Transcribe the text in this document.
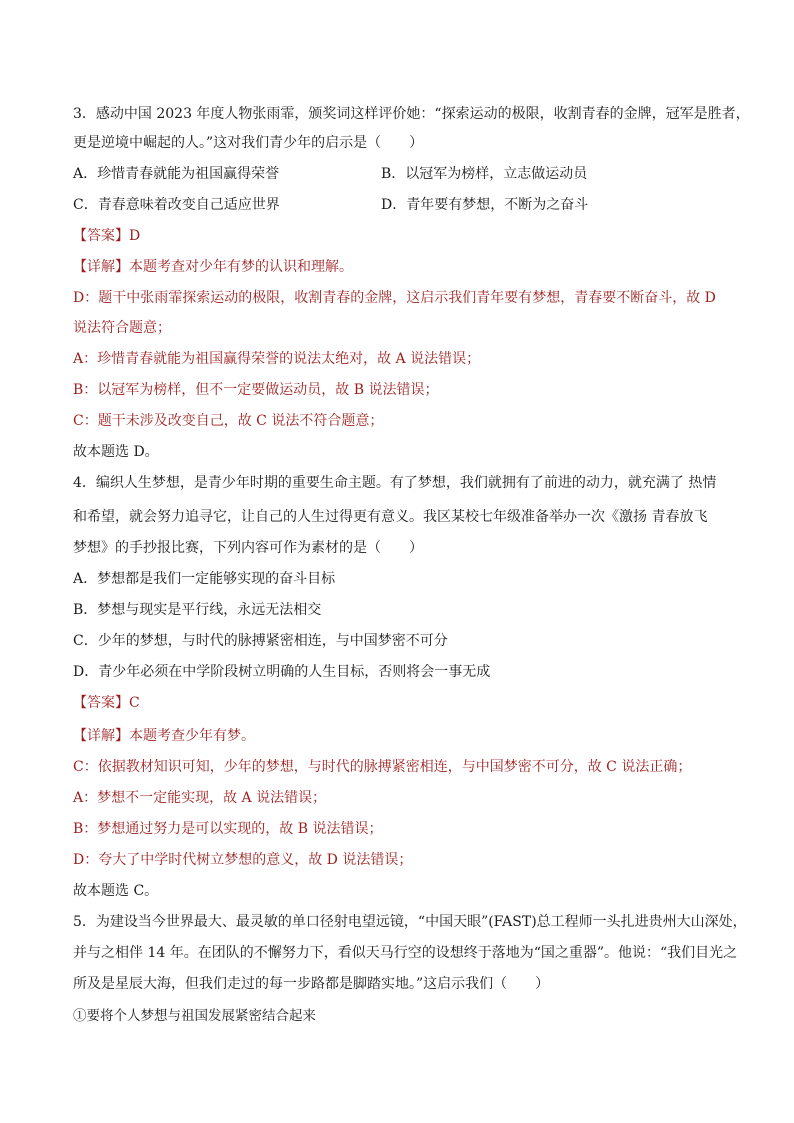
3．感动中国 2023 年度人物张雨霏，颁奖词这样评价她：“探索运动的极限，收割青春的金牌，冠军是胜者，
更是逆境中崛起的人。”这对我们青少年的启示是（　　）
A．珍惜青春就能为祖国赢得荣誉	B．以冠军为榜样，立志做运动员
C．青春意味着改变自己适应世界	D．青年要有梦想，不断为之奋斗
【答案】D
【详解】本题考查对少年有梦的认识和理解。
D：题干中张雨霏探索运动的极限，收割青春的金牌，这启示我们青年要有梦想，青春要不断奋斗，故 D
说法符合题意；
A：珍惜青春就能为祖国赢得荣誉的说法太绝对，故 A 说法错误；
B：以冠军为榜样，但不一定要做运动员，故 B 说法错误；
C：题干未涉及改变自己，故 C 说法不符合题意；
故本题选 D。
4．编织人生梦想，是青少年时期的重要生命主题。有了梦想，我们就拥有了前进的动力，就充满了 热情
和希望，就会努力追寻它，让自己的人生过得更有意义。我区某校七年级准备举办一次《激扬 青春放飞
梦想》的手抄报比赛，下列内容可作为素材的是（　　）
A．梦想都是我们一定能够实现的奋斗目标
B．梦想与现实是平行线，永远无法相交
C．少年的梦想，与时代的脉搏紧密相连，与中国梦密不可分
D．青少年必须在中学阶段树立明确的人生目标，否则将会一事无成
【答案】C
【详解】本题考查少年有梦。
C：依据教材知识可知，少年的梦想，与时代的脉搏紧密相连，与中国梦密不可分，故 C 说法正确；
A：梦想不一定能实现，故 A 说法错误；
B：梦想通过努力是可以实现的，故 B 说法错误；
D：夸大了中学时代树立梦想的意义，故 D 说法错误；
故本题选 C。
5．为建设当今世界最大、最灵敏的单口径射电望远镜，“中国天眼”(FAST)总工程师一头扎进贵州大山深处，
并与之相伴 14 年。在团队的不懈努力下，看似天马行空的设想终于落地为“国之重器”。他说：“我们目光之
所及是星辰大海，但我们走过的每一步路都是脚踏实地。”这启示我们（　　）
①要将个人梦想与祖国发展紧密结合起来
